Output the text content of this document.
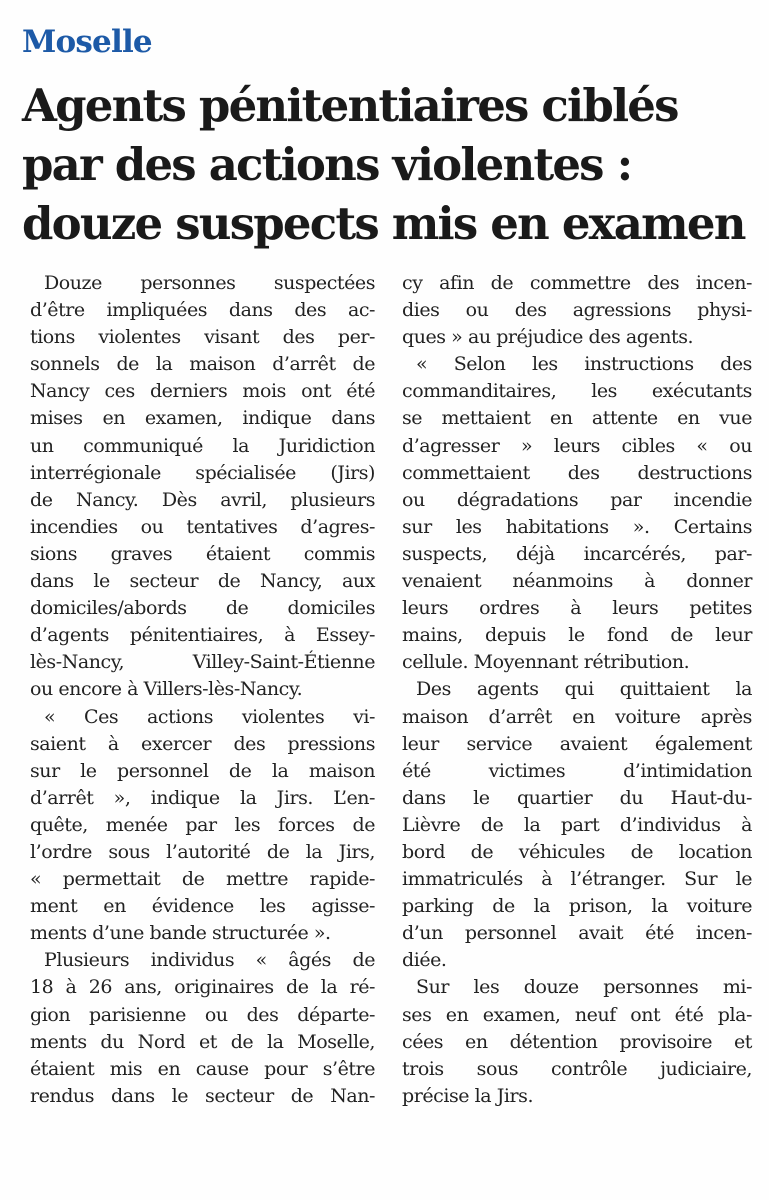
Moselle
Agents pénitentiaires ciblés
par des actions violentes :
douze suspects mis en examen
Douze personnes suspectées
d’être impliquées dans des ac-
tions violentes visant des per-
sonnels de la maison d’arrêt de
Nancy ces derniers mois ont été
mises en examen, indique dans
un communiqué la Juridiction
interrégionale spécialisée (Jirs)
de Nancy. Dès avril, plusieurs
incendies ou tentatives d’agres-
sions graves étaient commis
dans le secteur de Nancy, aux
domiciles/abords de domiciles
d’agents pénitentiaires, à Essey-
lès-Nancy, Villey-Saint-Étienne
ou encore à Villers-lès-Nancy.
« Ces actions violentes vi-
saient à exercer des pressions
sur le personnel de la maison
d’arrêt », indique la Jirs. L’en-
quête, menée par les forces de
l’ordre sous l’autorité de la Jirs,
« permettait de mettre rapide-
ment en évidence les agisse-
ments d’une bande structurée ».
Plusieurs individus « âgés de
18 à 26 ans, originaires de la ré-
gion parisienne ou des départe-
ments du Nord et de la Moselle,
étaient mis en cause pour s’être
rendus dans le secteur de Nan-
cy afin de commettre des incen-
dies ou des agressions physi-
ques » au préjudice des agents.
« Selon les instructions des
commanditaires, les exécutants
se mettaient en attente en vue
d’agresser » leurs cibles « ou
commettaient des destructions
ou dégradations par incendie
sur les habitations ». Certains
suspects, déjà incarcérés, par-
venaient néanmoins à donner
leurs ordres à leurs petites
mains, depuis le fond de leur
cellule. Moyennant rétribution.
Des agents qui quittaient la
maison d’arrêt en voiture après
leur service avaient également
été victimes d’intimidation
dans le quartier du Haut-du-
Lièvre de la part d’individus à
bord de véhicules de location
immatriculés à l’étranger. Sur le
parking de la prison, la voiture
d’un personnel avait été incen-
diée.
Sur les douze personnes mi-
ses en examen, neuf ont été pla-
cées en détention provisoire et
trois sous contrôle judiciaire,
précise la Jirs.
